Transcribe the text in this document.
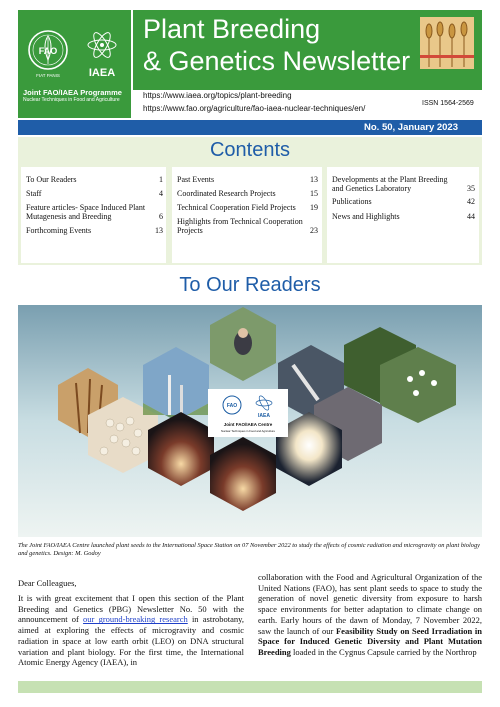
FAO
FIAT PANIS	IAEA
Joint FAO/IAEA Programme
Nuclear Techniques in Food and Agriculture
Plant Breeding
& Genetics Newsletter
https://www.iaea.org/topics/plant-breeding
https://www.fao.org/agriculture/fao-iaea-nuclear-techniques/en/
ISSN 1564-2569
No. 50, January 2023
Contents
To Our Readers	1
Staff	4
Feature articles- Space Induced Plant Mutagenesis and Breeding	6
Forthcoming Events	13
Past Events	13
Coordinated Research Projects	15
Technical Cooperation Field Projects 19
Highlights from Technical Cooperation Projects	23
Developments at the Plant Breeding and Genetics Laboratory	35
Publications	42
News and Highlights	44
To Our Readers
FAO
IAEA
Joint FAO/IAEA Centre
Nuclear Techniques in Food and Agriculture
The Joint FAO/IAEA Centre launched plant seeds to the International Space Station on 07 November 2022 to study the effects of cosmic radiation and microgravity on plant biology and genetics. Design: M. Godoy
Dear Colleagues,
It is with great excitement that I open this section of the Plant Breeding and Genetics (PBG) Newsletter No. 50 with the announcement of our ground-breaking research in astrobotany, aimed at exploring the effects of microgravity and cosmic radiation in space at low earth orbit (LEO) on DNA structural variation and plant biology. For the first time, the International Atomic Energy Agency (IAEA), in
collaboration with the Food and Agricultural Organization of the United Nations (FAO), has sent plant seeds to space to study the generation of novel genetic diversity from exposure to harsh space environments for better adaptation to climate change on earth. Early hours of the dawn of Monday, 7 November 2022, saw the launch of our Feasibility Study on Seed Irradiation in Space for Induced Genetic Diversity and Plant Mutation Breeding loaded in the Cygnus Capsule carried by the Northrop
